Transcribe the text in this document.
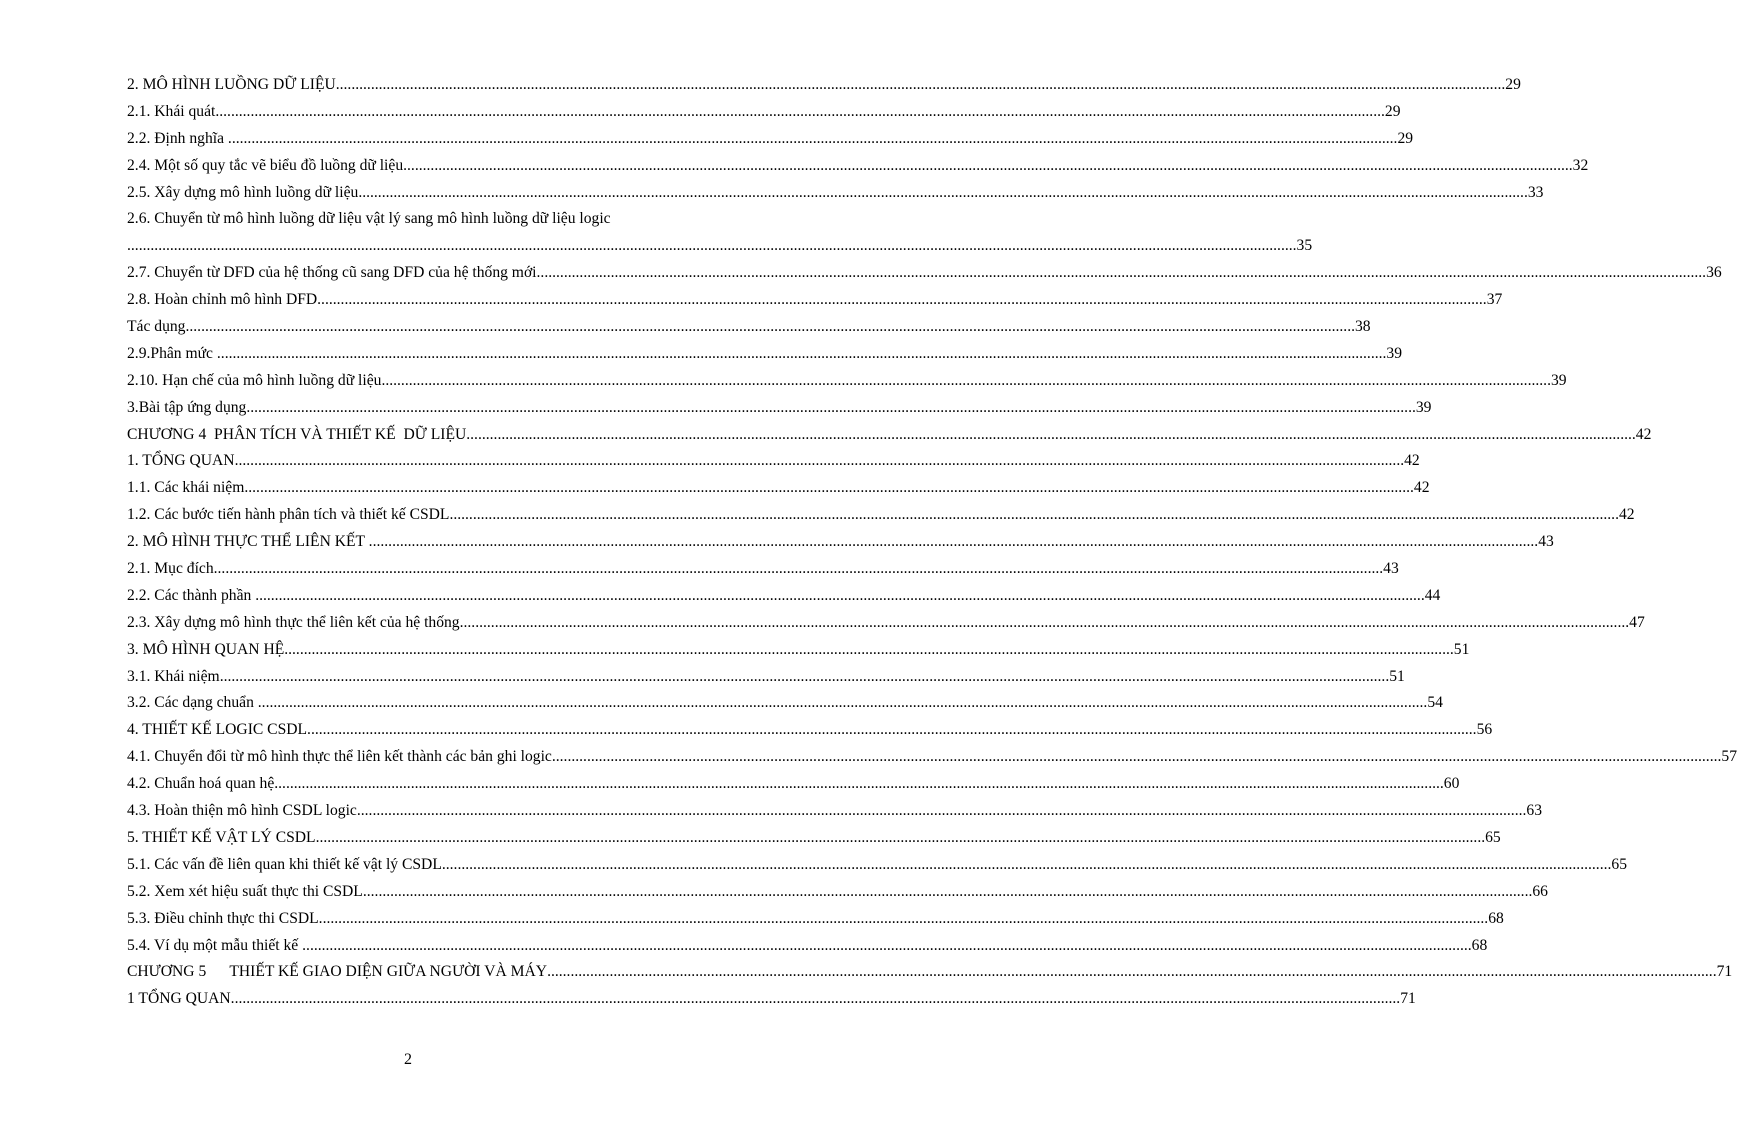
2. MÔ HÌNH LUỒNG DỮ LIỆU ............................................................................................................................................................................................................................................................................................................ 29
2.1. Khái quát ............................................................................................................................................................................................................................................................................................................ 29
2.2. Định nghĩa ............................................................................................................................................................................................................................................................................................................ 29
2.4. Một số quy tắc vẽ biểu đồ luồng dữ liệu ............................................................................................................................................................................................................................................................................................................ 32
2.5. Xây dựng mô hình luồng dữ liệu ............................................................................................................................................................................................................................................................................................................ 33
2.6. Chuyển từ mô hình luồng dữ liệu vật lý sang mô hình luồng dữ liệu logic
............................................................................................................................................................................................................................................................................................................ 35
2.7. Chuyển từ DFD của hệ thống cũ sang DFD của hệ thống mới ............................................................................................................................................................................................................................................................................................................ 36
2.8. Hoàn chỉnh mô hình DFD ............................................................................................................................................................................................................................................................................................................ 37
Tác dụng ............................................................................................................................................................................................................................................................................................................ 38
2.9.Phân mức ............................................................................................................................................................................................................................................................................................................ 39
2.10. Hạn chế của mô hình luồng dữ liệu ............................................................................................................................................................................................................................................................................................................ 39
3.Bài tập ứng dụng ............................................................................................................................................................................................................................................................................................................ 39
CHƯƠNG 4  PHÂN TÍCH VÀ THIẾT KẾ  DỮ LIỆU ............................................................................................................................................................................................................................................................................................................ 42
1. TỔNG QUAN ............................................................................................................................................................................................................................................................................................................ 42
1.1. Các khái niệm ............................................................................................................................................................................................................................................................................................................ 42
1.2. Các bước tiến hành phân tích và thiết kế CSDL ............................................................................................................................................................................................................................................................................................................ 42
2. MÔ HÌNH THỰC THỂ LIÊN KẾT ............................................................................................................................................................................................................................................................................................................ 43
2.1. Mục đích ............................................................................................................................................................................................................................................................................................................ 43
2.2. Các thành phần ............................................................................................................................................................................................................................................................................................................ 44
2.3. Xây dựng mô hình thực thể liên kết của hệ thống ............................................................................................................................................................................................................................................................................................................ 47
3. MÔ HÌNH QUAN HỆ ............................................................................................................................................................................................................................................................................................................ 51
3.1. Khái niệm ............................................................................................................................................................................................................................................................................................................ 51
3.2. Các dạng chuẩn ............................................................................................................................................................................................................................................................................................................ 54
4. THIẾT KẾ LOGIC CSDL ............................................................................................................................................................................................................................................................................................................ 56
4.1. Chuyển đổi từ mô hình thực thể liên kết thành các bản ghi logic ............................................................................................................................................................................................................................................................................................................ 57
4.2. Chuẩn hoá quan hệ ............................................................................................................................................................................................................................................................................................................ 60
4.3. Hoàn thiện mô hình CSDL logic ............................................................................................................................................................................................................................................................................................................ 63
5. THIẾT KẾ VẬT LÝ CSDL ............................................................................................................................................................................................................................................................................................................ 65
5.1. Các vấn đề liên quan khi thiết kế vật lý CSDL ............................................................................................................................................................................................................................................................................................................ 65
5.2. Xem xét hiệu suất thực thi CSDL ............................................................................................................................................................................................................................................................................................................ 66
5.3. Điều chỉnh thực thi CSDL ............................................................................................................................................................................................................................................................................................................ 68
5.4. Ví dụ một mẫu thiết kế ............................................................................................................................................................................................................................................................................................................ 68
CHƯƠNG 5      THIẾT KẾ GIAO DIỆN GIỮA NGƯỜI VÀ MÁY ............................................................................................................................................................................................................................................................................................................ 71
1 TỔNG QUAN ............................................................................................................................................................................................................................................................................................................ 71
2
